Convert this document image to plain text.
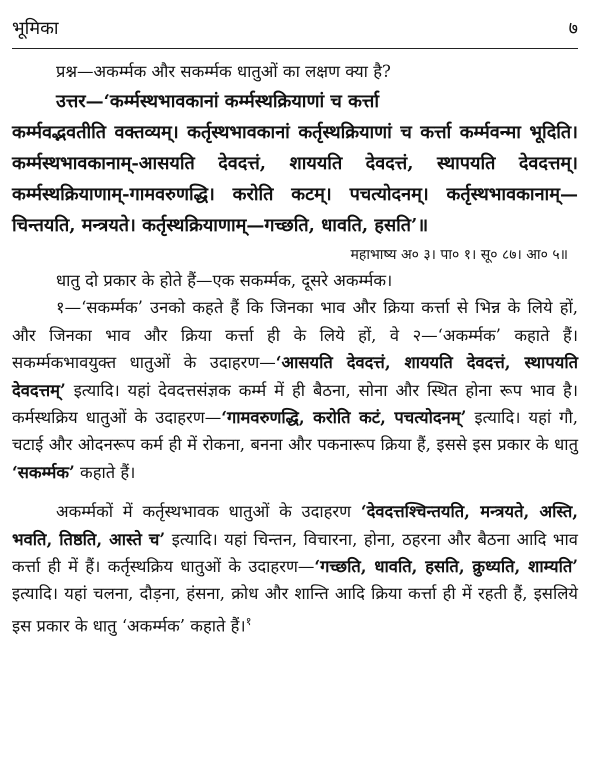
भूमिका	७

प्रश्न—अकर्म्मक और सकर्म्मक धातुओं का लक्षण क्या है?

उत्तर—‘कर्म्मस्थभावकानां कर्म्मस्थक्रियाणां च कर्त्ता
कर्म्मवद्भवतीति वक्तव्यम्। कर्तृस्थभावकानां कर्तृस्थक्रियाणां च कर्त्ता कर्म्मवन्मा भूदिति। कर्म्मस्थभावकानाम्-आसयति देवदत्तं, शाययति देवदत्तं, स्थापयति देवदत्तम्। कर्म्मस्थक्रियाणाम्-गामवरुणद्धि। करोति कटम्। पचत्योदनम्। कर्तृस्थभावकानाम्—चिन्तयति, मन्त्रयते। कर्तृस्थक्रियाणाम्—गच्छति, धावति, हसति’॥

महाभाष्य अ० ३। पा० १। सू० ८७। आ० ५॥

धातु दो प्रकार के होते हैं—एक सकर्म्मक, दूसरे अकर्म्मक।

१—‘सकर्म्मक’ उनको कहते हैं कि जिनका भाव और क्रिया कर्त्ता से भिन्न के लिये हों, और जिनका भाव और क्रिया कर्त्ता ही के लिये हों, वे २—‘अकर्म्मक’ कहाते हैं। सकर्म्मकभावयुक्त धातुओं के उदाहरण—‘आसयति देवदत्तं, शाययति देवदत्तं, स्थापयति देवदत्तम्’ इत्यादि। यहां देवदत्तसंज्ञक कर्म्म में ही बैठना, सोना और स्थित होना रूप भाव है। कर्मस्थक्रिय धातुओं के उदाहरण—‘गामवरुणद्धि, करोति कटं, पचत्योदनम्’ इत्यादि। यहां गौ, चटाई और ओदनरूप कर्म ही में रोकना, बनना और पकनारूप क्रिया हैं, इससे इस प्रकार के धातु ‘सकर्म्मक’ कहाते हैं।

अकर्म्मकों में कर्तृस्थभावक धातुओं के उदाहरण ‘देवदत्तश्चिन्तयति, मन्त्रयते, अस्ति, भवति, तिष्ठति, आस्ते च’ इत्यादि। यहां चिन्तन, विचारना, होना, ठहरना और बैठना आदि भाव कर्त्ता ही में हैं। कर्तृस्थक्रिय धातुओं के उदाहरण—‘गच्छति, धावति, हसति, क्रुध्यति, शाम्यति’ इत्यादि। यहां चलना, दौड़ना, हंसना, क्रोध और शान्ति आदि क्रिया कर्त्ता ही में रहती हैं, इसलिये इस प्रकार के धातु ‘अकर्म्मक’ कहाते हैं।$^१$
